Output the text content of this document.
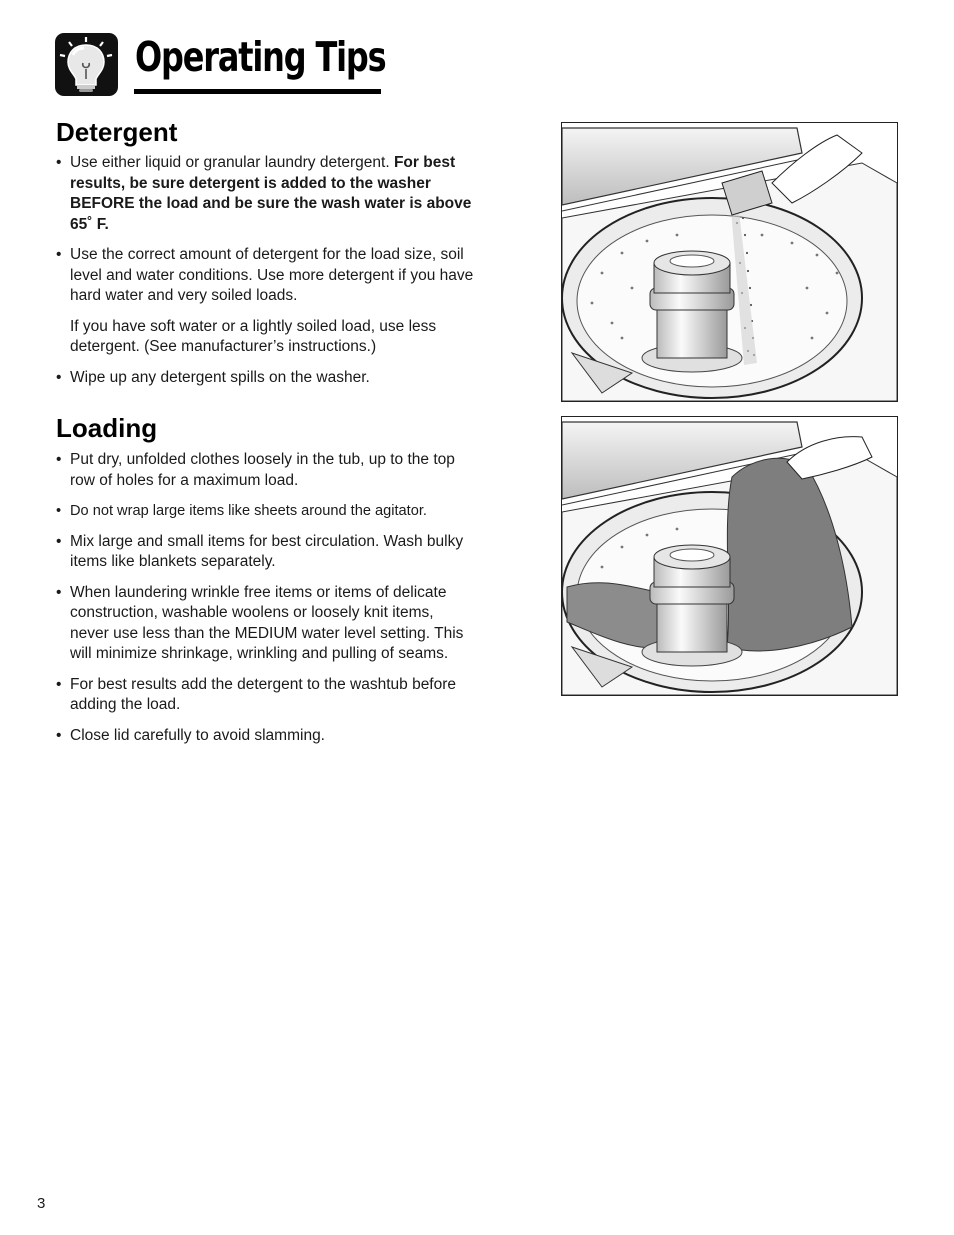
Operating Tips
Detergent
• Use either liquid or granular laundry detergent. For best results, be sure detergent is added to the washer BEFORE the load and be sure the wash water is above 65˚ F.
• Use the correct amount of detergent for the load size, soil level and water conditions. Use more detergent if you have hard water and very soiled loads.
If you have soft water or a lightly soiled load, use less detergent. (See manufacturer’s instructions.)
• Wipe up any detergent spills on the washer.
Loading
• Put dry, unfolded clothes loosely in the tub, up to the top row of holes for a maximum load.
• Do not wrap large items like sheets around the agitator.
• Mix large and small items for best circulation. Wash bulky items like blankets separately.
• When laundering wrinkle free items or items of delicate construction, washable woolens or loosely knit items, never use less than the MEDIUM water level setting. This will minimize shrinkage, wrinkling and pulling of seams.
• For best results add the detergent to the washtub before adding the load.
• Close lid carefully to avoid slamming.
3
